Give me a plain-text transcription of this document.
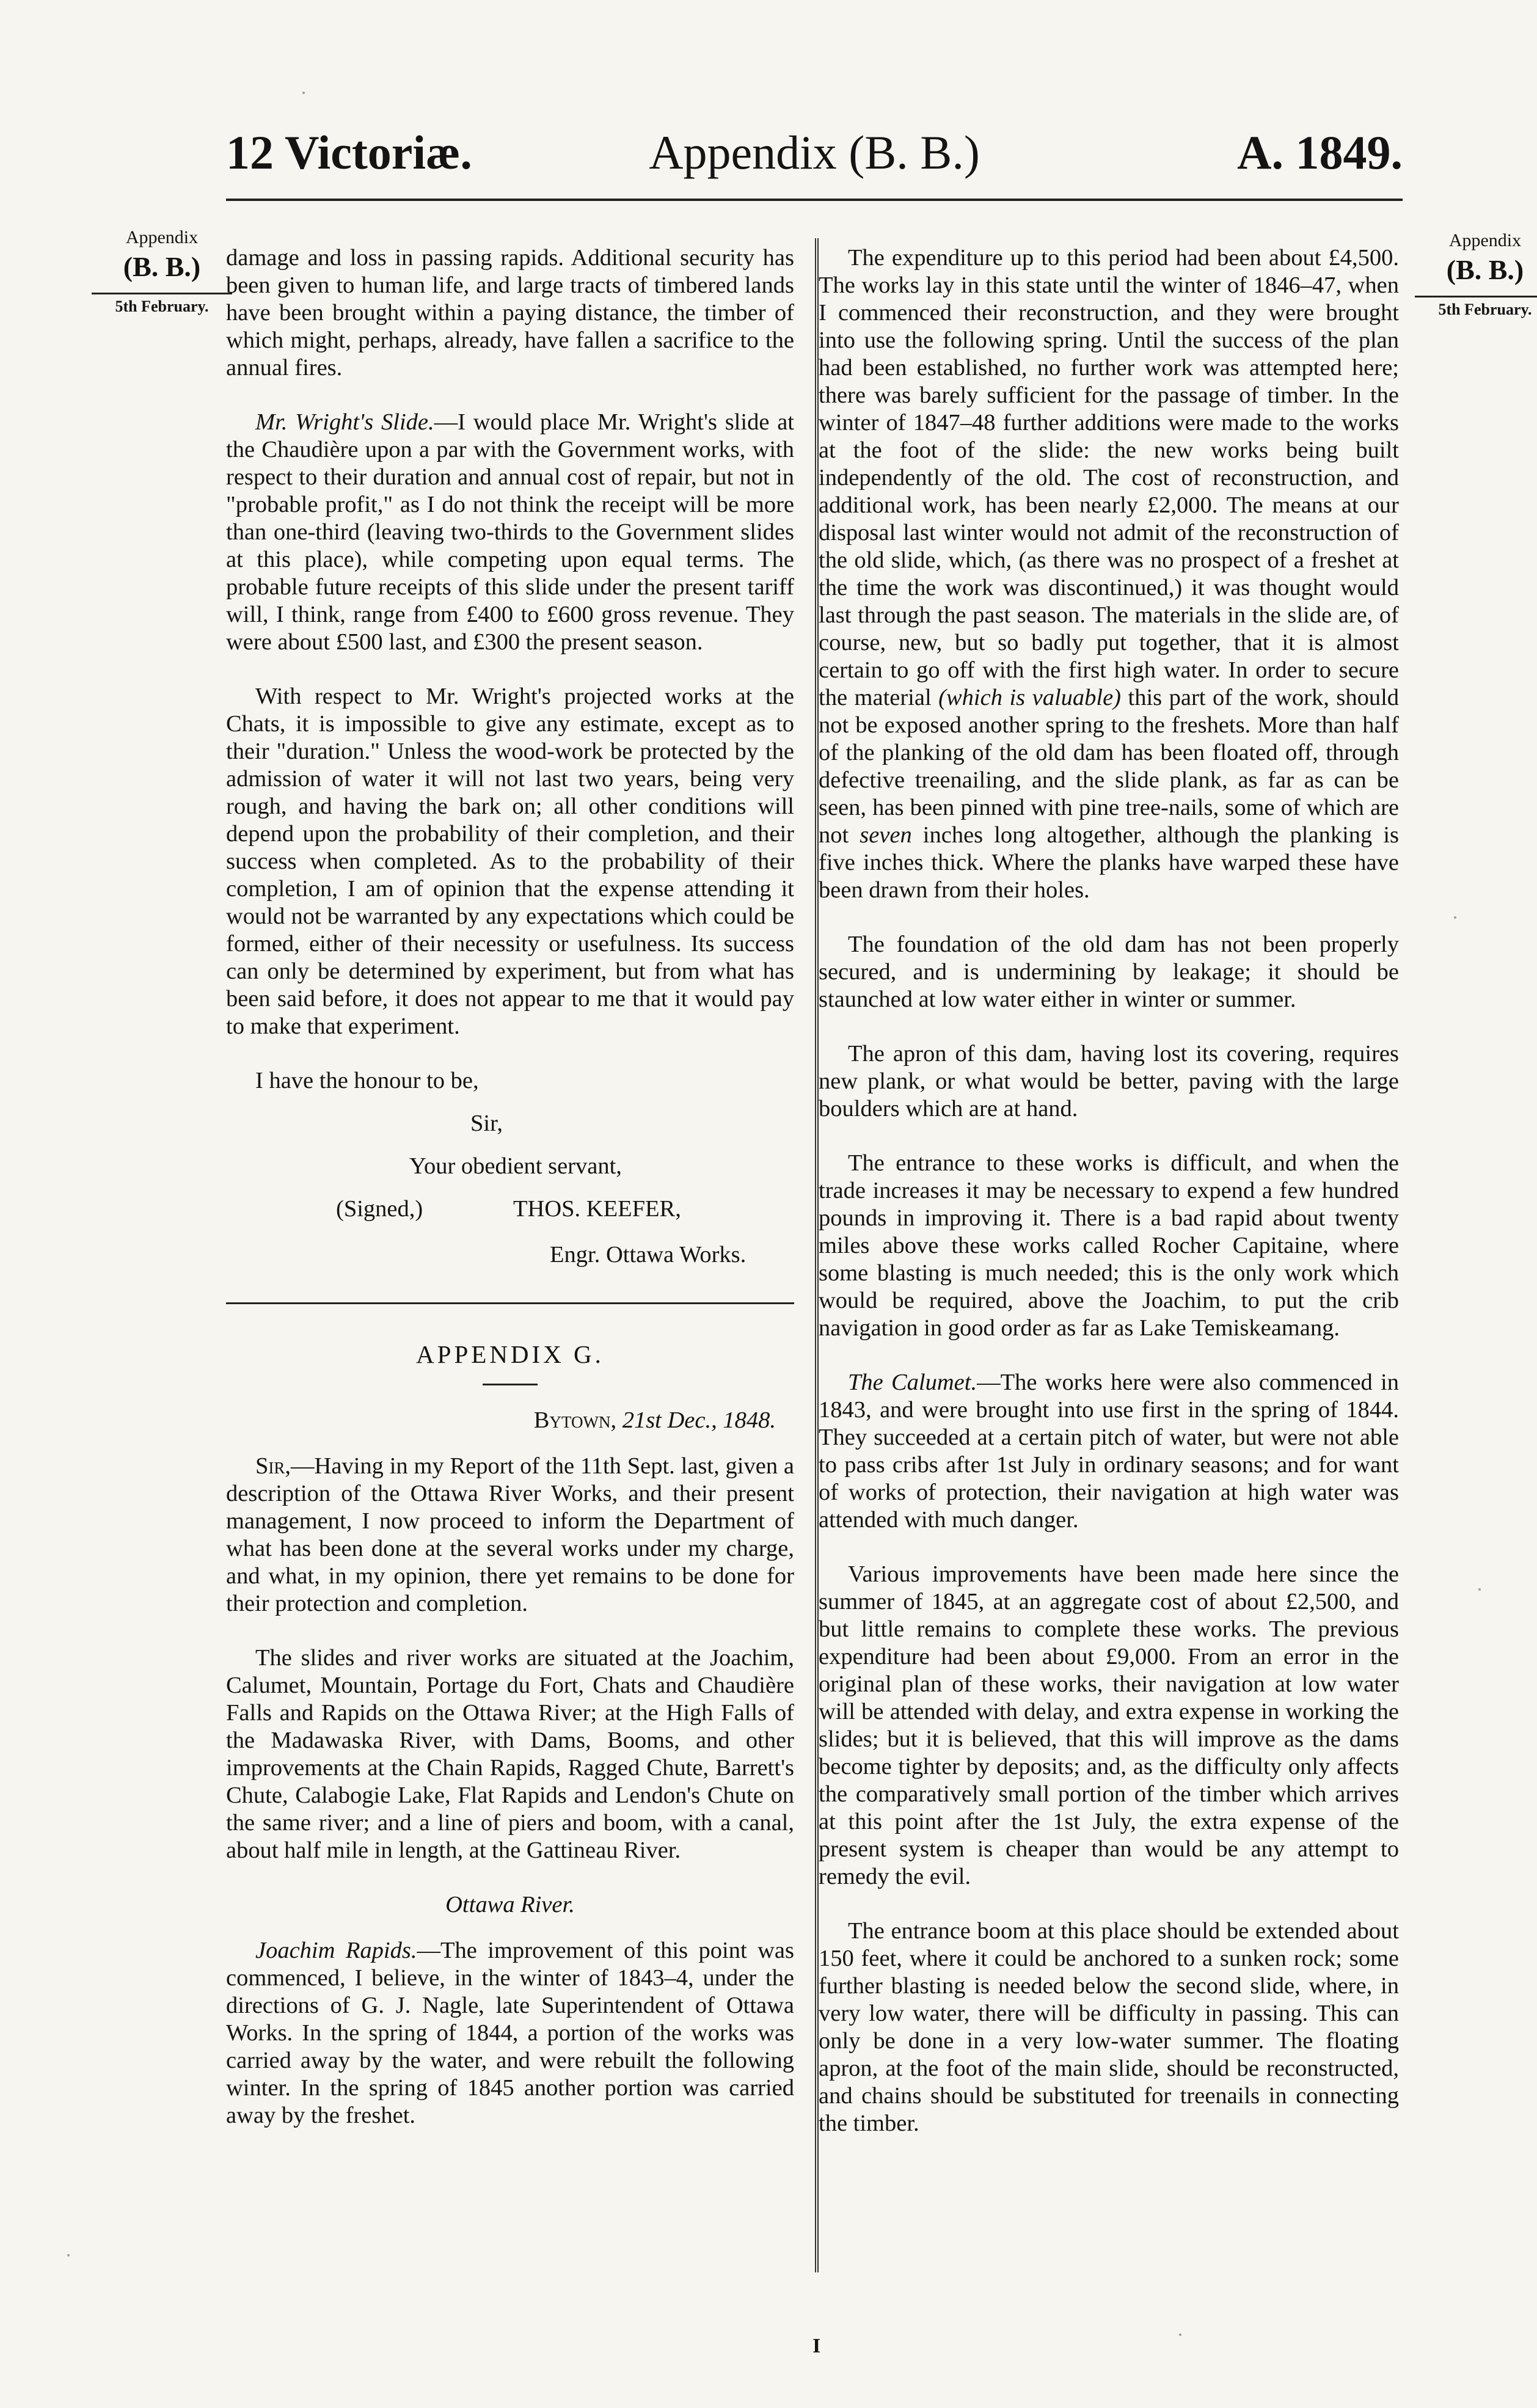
12 Victoriæ.	Appendix (B. B.)	A. 1849.
Appendix
(B. B.)
5th February.
Appendix
(B. B.)
5th February.

damage and loss in passing rapids. Additional security has been given to human life, and large tracts of timbered lands have been brought within a paying distance, the timber of which might, perhaps, already, have fallen a sacrifice to the annual fires.

Mr. Wright's Slide.—I would place Mr. Wright's slide at the Chaudière upon a par with the Government works, with respect to their duration and annual cost of repair, but not in "probable profit," as I do not think the receipt will be more than one-third (leaving two-thirds to the Government slides at this place), while competing upon equal terms. The probable future receipts of this slide under the present tariff will, I think, range from £400 to £600 gross revenue. They were about £500 last, and £300 the present season.

With respect to Mr. Wright's projected works at the Chats, it is impossible to give any estimate, except as to their "duration." Unless the wood-work be protected by the admission of water it will not last two years, being very rough, and having the bark on; all other conditions will depend upon the probability of their completion, and their success when completed. As to the probability of their completion, I am of opinion that the expense attending it would not be warranted by any expectations which could be formed, either of their necessity or usefulness. Its success can only be determined by experiment, but from what has been said before, it does not appear to me that it would pay to make that experiment.

I have the honour to be,
Sir,
Your obedient servant,
(Signed,)	THOS. KEEFER,
Engr. Ottawa Works.
APPENDIX G.
Bytown, 21st Dec., 1848.

Sir,—Having in my Report of the 11th Sept. last, given a description of the Ottawa River Works, and their present management, I now proceed to inform the Department of what has been done at the several works under my charge, and what, in my opinion, there yet remains to be done for their protection and completion.

The slides and river works are situated at the Joachim, Calumet, Mountain, Portage du Fort, Chats and Chaudière Falls and Rapids on the Ottawa River; at the High Falls of the Madawaska River, with Dams, Booms, and other improvements at the Chain Rapids, Ragged Chute, Barrett's Chute, Calabogie Lake, Flat Rapids and Lendon's Chute on the same river; and a line of piers and boom, with a canal, about half mile in length, at the Gattineau River.

Ottawa River.

Joachim Rapids.—The improvement of this point was commenced, I believe, in the winter of 1843–4, under the directions of G. J. Nagle, late Superintendent of Ottawa Works. In the spring of 1844, a portion of the works was carried away by the water, and were rebuilt the following winter. In the spring of 1845 another portion was carried away by the freshet.

The expenditure up to this period had been about £4,500. The works lay in this state until the winter of 1846–47, when I commenced their reconstruction, and they were brought into use the following spring. Until the success of the plan had been established, no further work was attempted here; there was barely sufficient for the passage of timber. In the winter of 1847–48 further additions were made to the works at the foot of the slide: the new works being built independently of the old. The cost of reconstruction, and additional work, has been nearly £2,000. The means at our disposal last winter would not admit of the reconstruction of the old slide, which, (as there was no prospect of a freshet at the time the work was discontinued,) it was thought would last through the past season. The materials in the slide are, of course, new, but so badly put together, that it is almost certain to go off with the first high water. In order to secure the material (which is valuable) this part of the work, should not be exposed another spring to the freshets. More than half of the planking of the old dam has been floated off, through defective treenailing, and the slide plank, as far as can be seen, has been pinned with pine tree-nails, some of which are not seven inches long altogether, although the planking is five inches thick. Where the planks have warped these have been drawn from their holes.

The foundation of the old dam has not been properly secured, and is undermining by leakage; it should be staunched at low water either in winter or summer.

The apron of this dam, having lost its covering, requires new plank, or what would be better, paving with the large boulders which are at hand.

The entrance to these works is difficult, and when the trade increases it may be necessary to expend a few hundred pounds in improving it. There is a bad rapid about twenty miles above these works called Rocher Capitaine, where some blasting is much needed; this is the only work which would be required, above the Joachim, to put the crib navigation in good order as far as Lake Temiskeamang.

The Calumet.—The works here were also commenced in 1843, and were brought into use first in the spring of 1844. They succeeded at a certain pitch of water, but were not able to pass cribs after 1st July in ordinary seasons; and for want of works of protection, their navigation at high water was attended with much danger.

Various improvements have been made here since the summer of 1845, at an aggregate cost of about £2,500, and but little remains to complete these works. The previous expenditure had been about £9,000. From an error in the original plan of these works, their navigation at low water will be attended with delay, and extra expense in working the slides; but it is believed, that this will improve as the dams become tighter by deposits; and, as the difficulty only affects the comparatively small portion of the timber which arrives at this point after the 1st July, the extra expense of the present system is cheaper than would be any attempt to remedy the evil.

The entrance boom at this place should be extended about 150 feet, where it could be anchored to a sunken rock; some further blasting is needed below the second slide, where, in very low water, there will be difficulty in passing. This can only be done in a very low-water summer. The floating apron, at the foot of the main slide, should be reconstructed, and chains should be substituted for treenails in connecting the timber.

I
